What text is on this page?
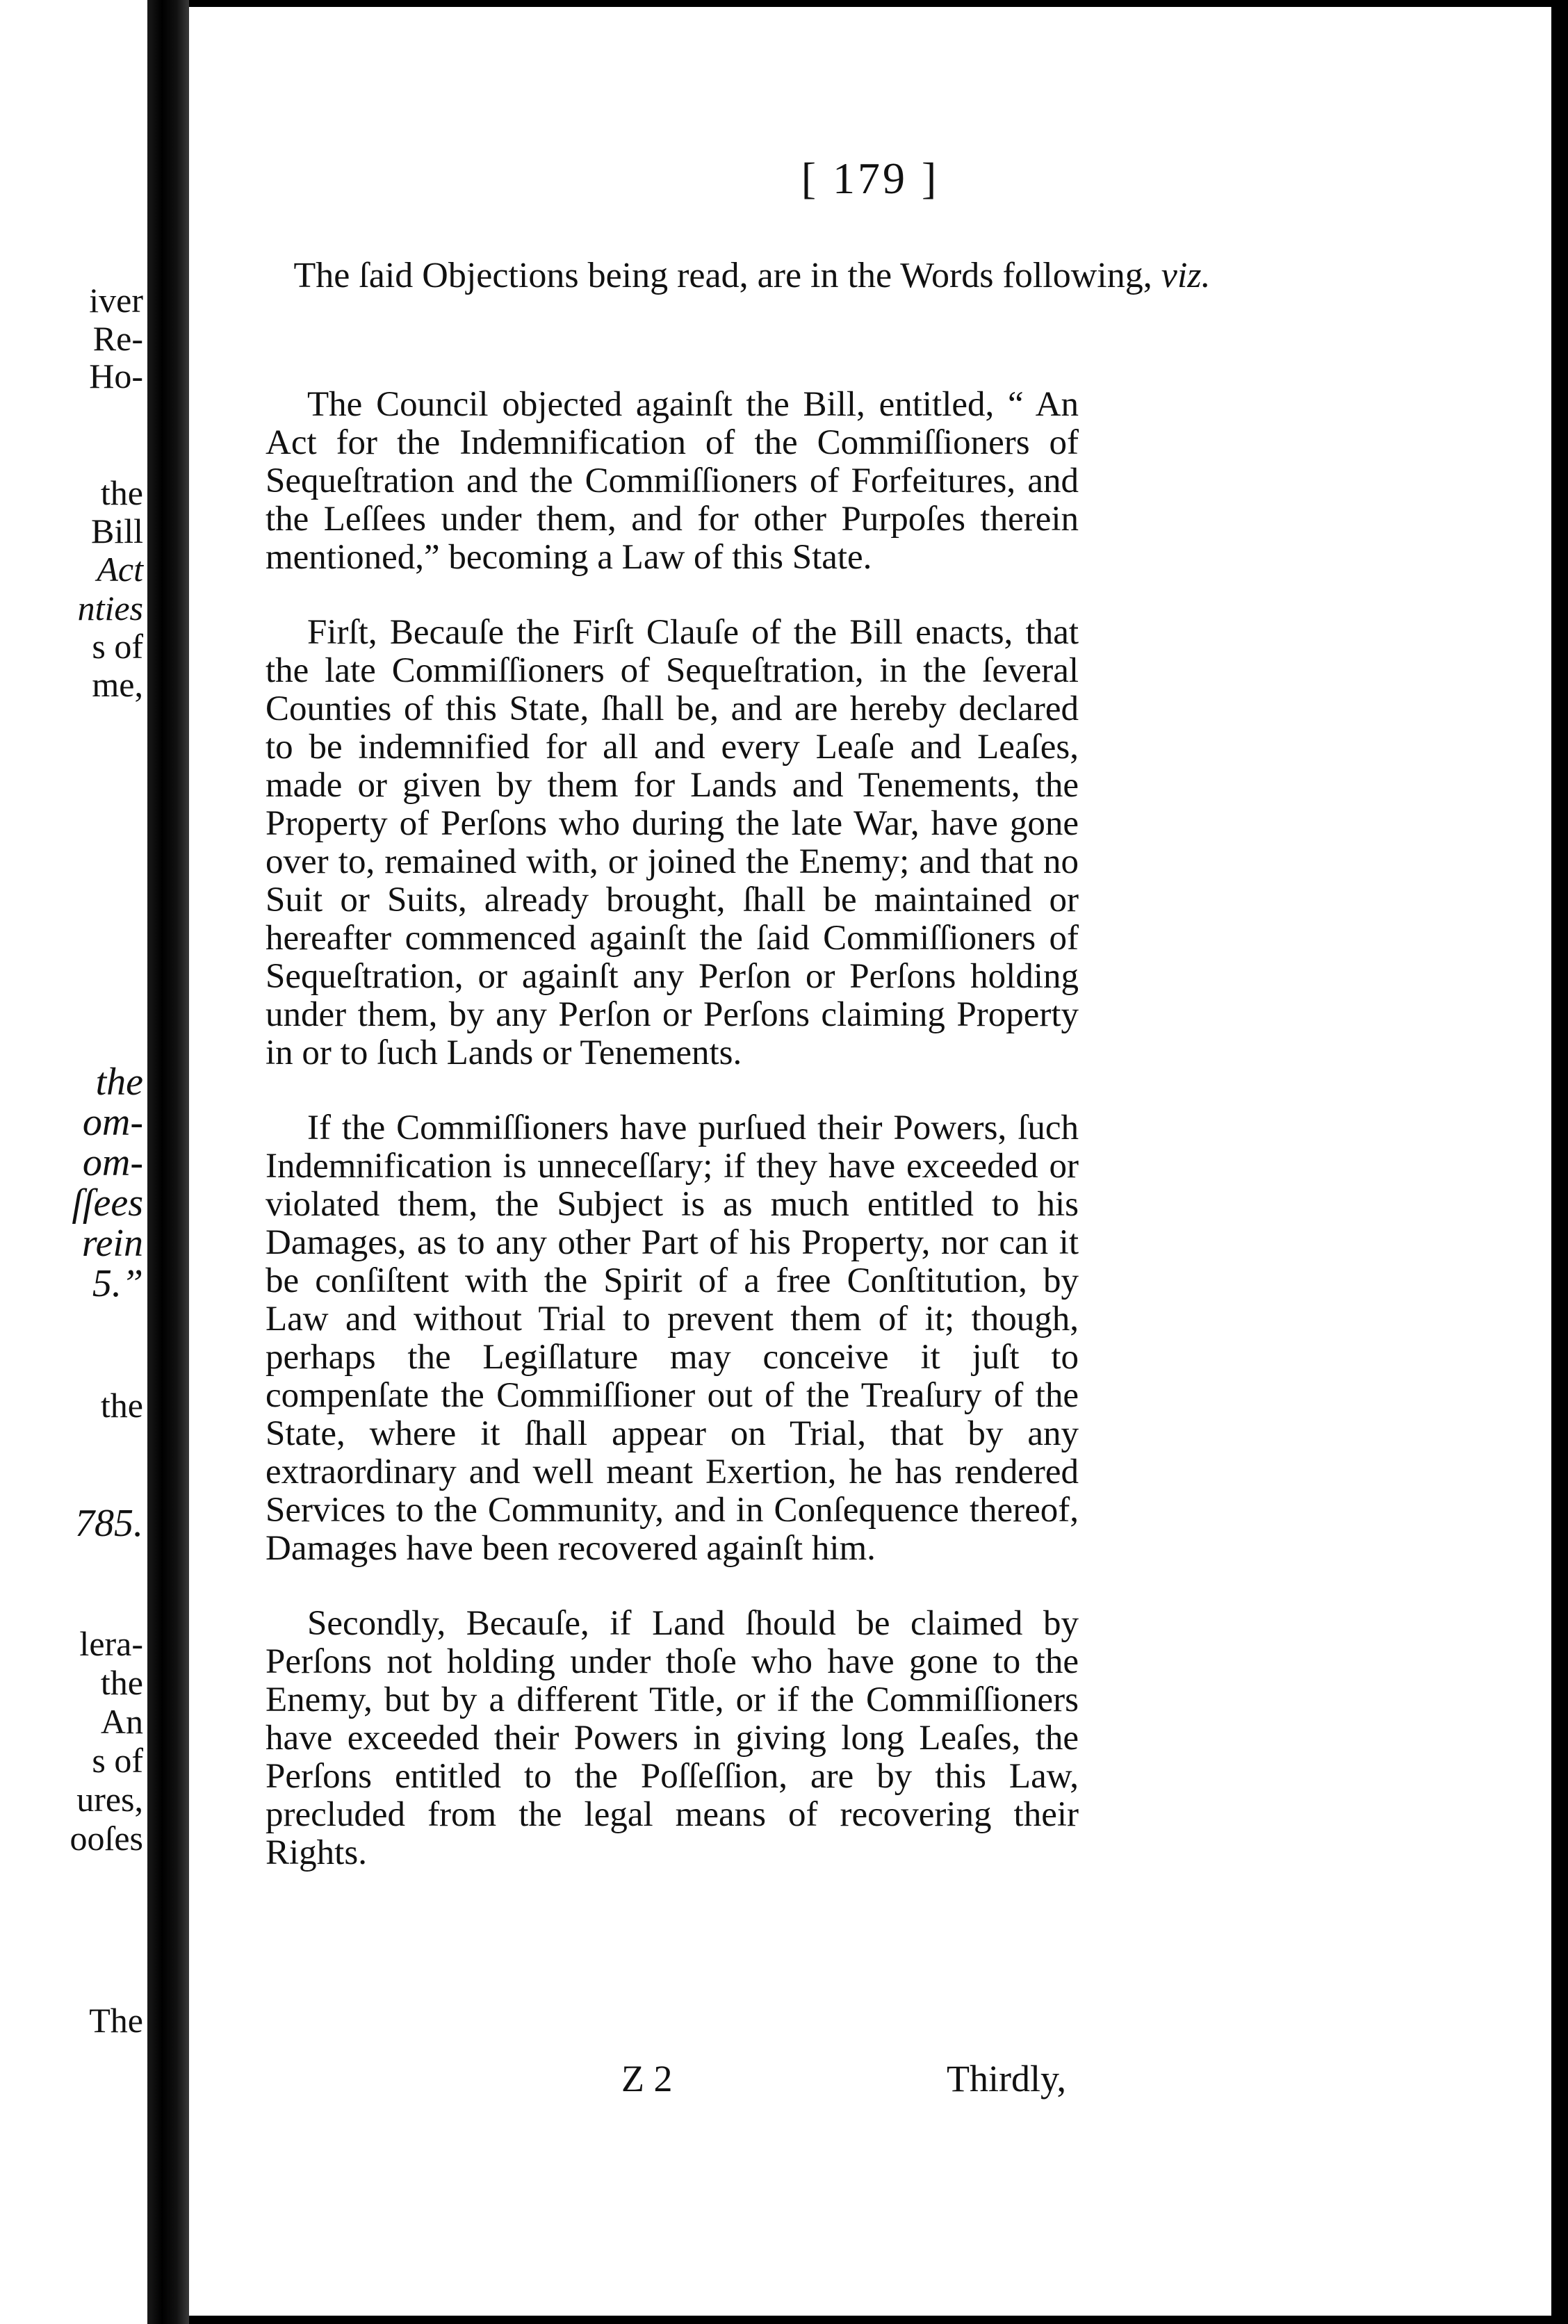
iver
Re-
Ho-
the
Bill
Act
nties
s of
me,
the
om-
om-
ſſees
rein
5.”
the
785.
lera-
the
An
s of
ures,
ooſes
The
[ 179 ]
The ſaid Objections being read, are in the Words following, viz.

The Council objected againſt the Bill, entitled, “ An Act for the Indemnification of the Commiſſioners of Sequeſtration and the Commiſſioners of Forfeitures, and the Leſſees under them, and for other Purpoſes therein mentioned,” becoming a Law of this State.

Firſt, Becauſe the Firſt Clauſe of the Bill enacts, that the late Commiſſioners of Sequeſtration, in the ſeveral Counties of this State, ſhall be, and are hereby declared to be indemnified for all and every Leaſe and Leaſes, made or given by them for Lands and Tenements, the Property of Perſons who during the late War, have gone over to, remained with, or joined the Enemy; and that no Suit or Suits, already brought, ſhall be maintained or hereafter commenced againſt the ſaid Commiſſioners of Sequeſtration, or againſt any Perſon or Perſons holding under them, by any Perſon or Perſons claiming Property in or to ſuch Lands or Tenements.

If the Commiſſioners have purſued their Powers, ſuch Indemnification is unneceſſary; if they have exceeded or violated them, the Subject is as much entitled to his Damages, as to any other Part of his Property, nor can it be conſiſtent with the Spirit of a free Conſtitution, by Law and without Trial to prevent them of it; though, perhaps the Legiſlature may conceive it juſt to compenſate the Commiſſioner out of the Treaſury of the State, where it ſhall appear on Trial, that by any extraordinary and well meant Exertion, he has rendered Services to the Community, and in Conſequence thereof, Damages have been recovered againſt him.

Secondly, Becauſe, if Land ſhould be claimed by Perſons not holding under thoſe who have gone to the Enemy, but by a different Title, or if the Commiſſioners have exceeded their Powers in giving long Leaſes, the Perſons entitled to the Poſſeſſion, are by this Law, precluded from the legal means of recovering their Rights.

Z 2	Thirdly,
